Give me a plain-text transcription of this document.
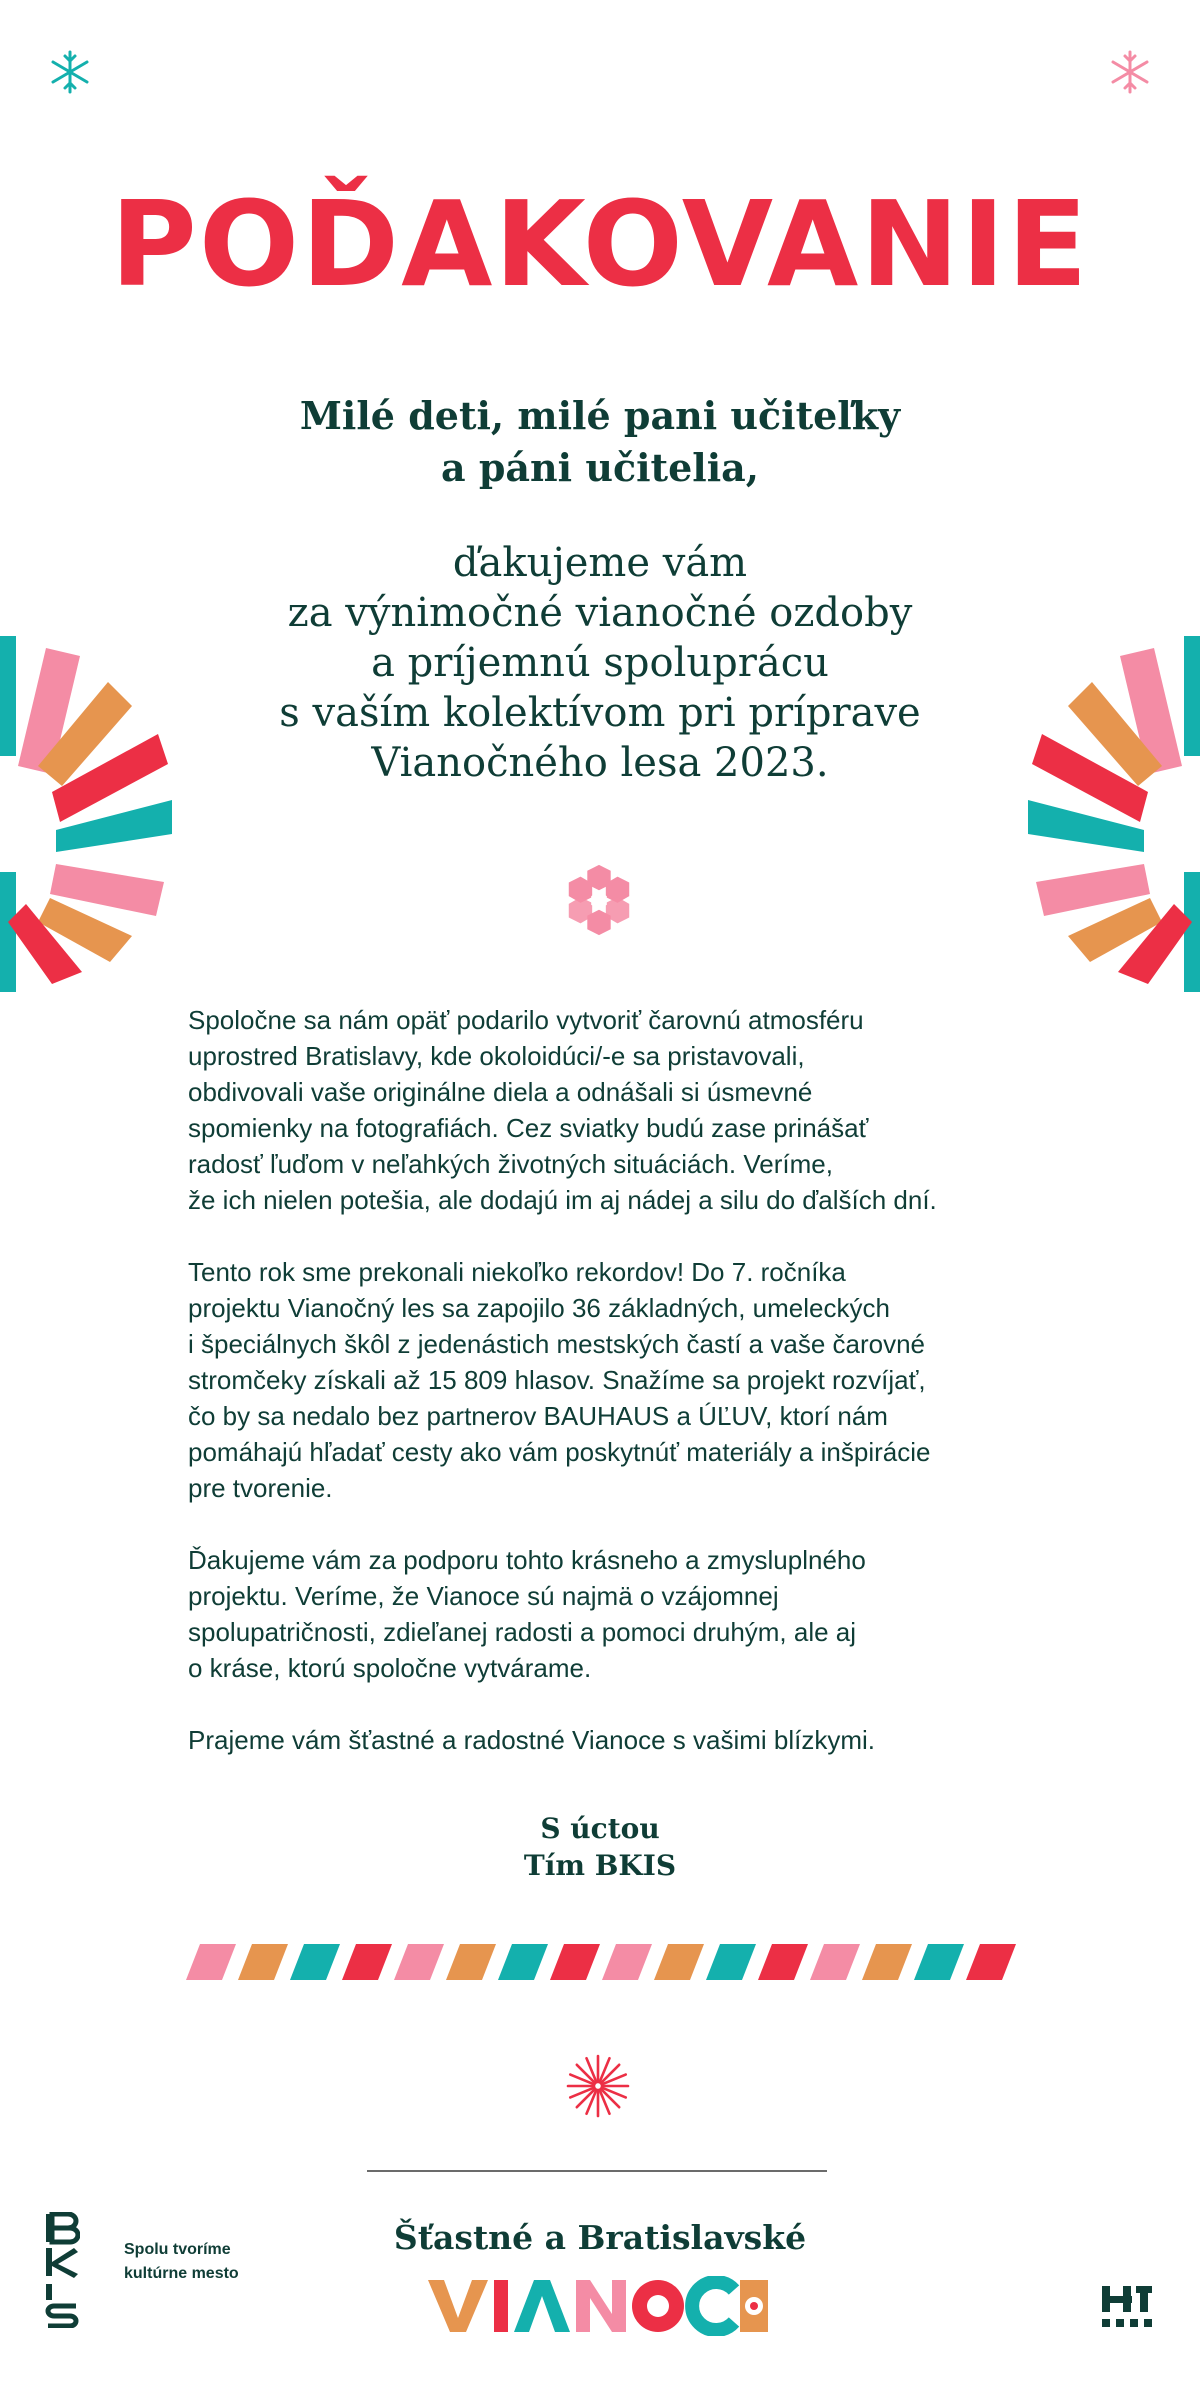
POĎAKOVANIE
Milé deti, milé pani učiteľky
a páni učitelia,
ďakujeme vám
za výnimočné vianočné ozdoby
a príjemnú spoluprácu
s vaším kolektívom pri príprave
Vianočného lesa 2023.

Spoločne sa nám opäť podarilo vytvoriť čarovnú atmosféru
uprostred Bratislavy, kde okoloidúci/-e sa pristavovali,
obdivovali vaše originálne diela a odnášali si úsmevné
spomienky na fotografiách. Cez sviatky budú zase prinášať
radosť ľuďom v neľahkých životných situáciách. Veríme,
že ich nielen potešia, ale dodajú im aj nádej a silu do ďalších dní.

Tento rok sme prekonali niekoľko rekordov! Do 7. ročníka
projektu Vianočný les sa zapojilo 36 základných, umeleckých
i špeciálnych škôl z jedenástich mestských častí a vaše čarovné
stromčeky získali až 15 809 hlasov. Snažíme sa projekt rozvíjať,
čo by sa nedalo bez partnerov BAUHAUS a ÚĽUV, ktorí nám
pomáhajú hľadať cesty ako vám poskytnúť materiály a inšpirácie
pre tvorenie.

Ďakujeme vám za podporu tohto krásneho a zmysluplného
projektu. Veríme, že Vianoce sú najmä o vzájomnej
spolupatričnosti, zdieľanej radosti a pomoci druhým, ale aj
o kráse, ktorú spoločne vytvárame.

Prajeme vám šťastné a radostné Vianoce s vašimi blízkymi.

S úctou
Tím BKIS
Spolu tvoríme
kultúrne mesto
Šťastné a Bratislavské
